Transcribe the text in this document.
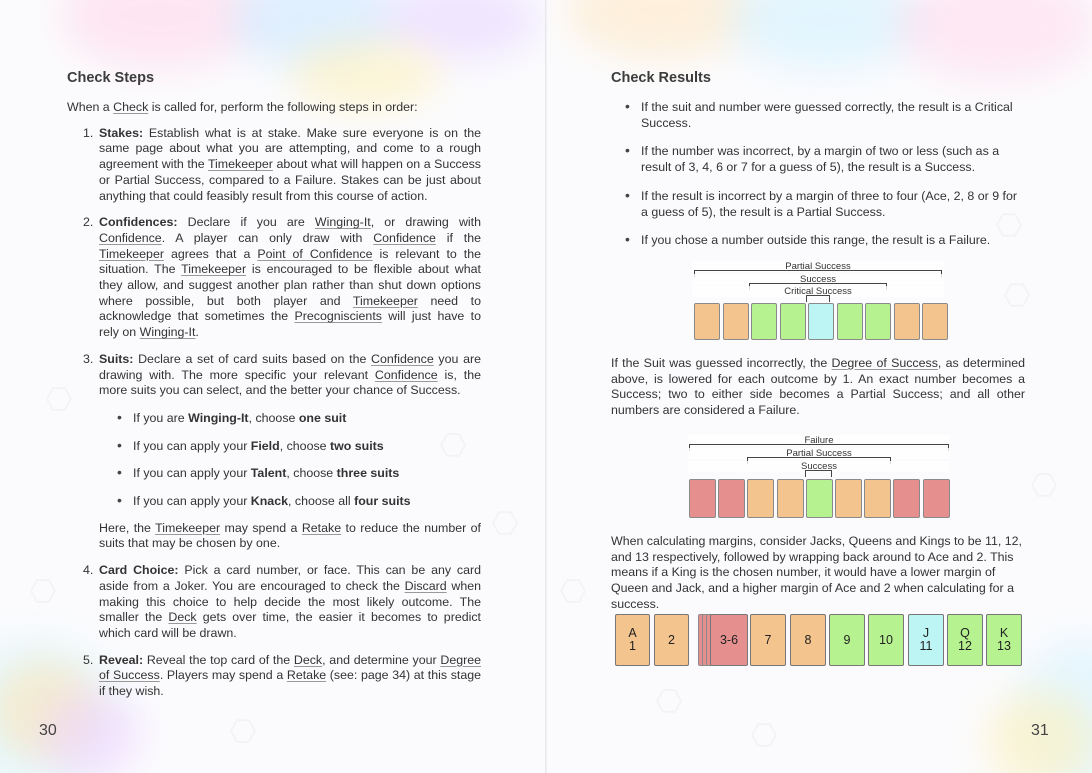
Check Steps

When a Check is called for, perform the following steps in order:

1. Stakes: Establish what is at stake. Make sure everyone is on the same page about what you are attempting, and come to a rough agreement with the Timekeeper about what will happen on a Success or Partial Success, compared to a Failure. Stakes can be just about anything that could feasibly result from this course of action.
2. Confidences: Declare if you are Winging-It, or drawing with Confidence. A player can only draw with Confidence if the Timekeeper agrees that a Point of Confidence is relevant to the situation. The Timekeeper is encouraged to be flexible about what they allow, and suggest another plan rather than shut down options where possible, but both player and Timekeeper need to acknowledge that sometimes the Precogniscients will just have to rely on Winging-It.
3. Suits: Declare a set of card suits based on the Confidence you are drawing with. The more specific your relevant Confidence is, the more suits you can select, and the better your chance of Success.
• If you are Winging-It, choose one suit
• If you can apply your Field, choose two suits
• If you can apply your Talent, choose three suits
• If you can apply your Knack, choose all four suits

Here, the Timekeeper may spend a Retake to reduce the number of suits that may be chosen by one.

4. Card Choice: Pick a card number, or face. This can be any card aside from a Joker. You are encouraged to check the Discard when making this choice to help decide the most likely outcome. The smaller the Deck gets over time, the easier it becomes to predict which card will be drawn.
5. Reveal: Reveal the top card of the Deck, and determine your Degree of Success. Players may spend a Retake (see: page 34) at this stage if they wish.
30
Check Results
• If the suit and number were guessed correctly, the result is a Critical Success.
• If the number was incorrect, by a margin of two or less (such as a result of 3, 4, 6 or 7 for a guess of 5), the result is a Success.
• If the result is incorrect by a margin of three to four (Ace, 2, 8 or 9 for a guess of 5), the result is a Partial Success.
• If you chose a number outside this range, the result is a Failure.
Partial Success
Success
Critical Success

If the Suit was guessed incorrectly, the Degree of Success, as determined above, is lowered for each outcome by 1. An exact number becomes a Success; two to either side becomes a Partial Success; and all other numbers are considered a Failure.

Failure
Partial Success
Success

When calculating margins, consider Jacks, Queens and Kings to be 11, 12, and 13 respectively, followed by wrapping back around to Ace and 2. This means if a King is the chosen number, it would have a lower margin of Queen and Jack, and a higher margin of Ace and 2 when calculating for a success.

A
1	2	3-6 7	8	9 10 J
11
Q
12
K
13
31
